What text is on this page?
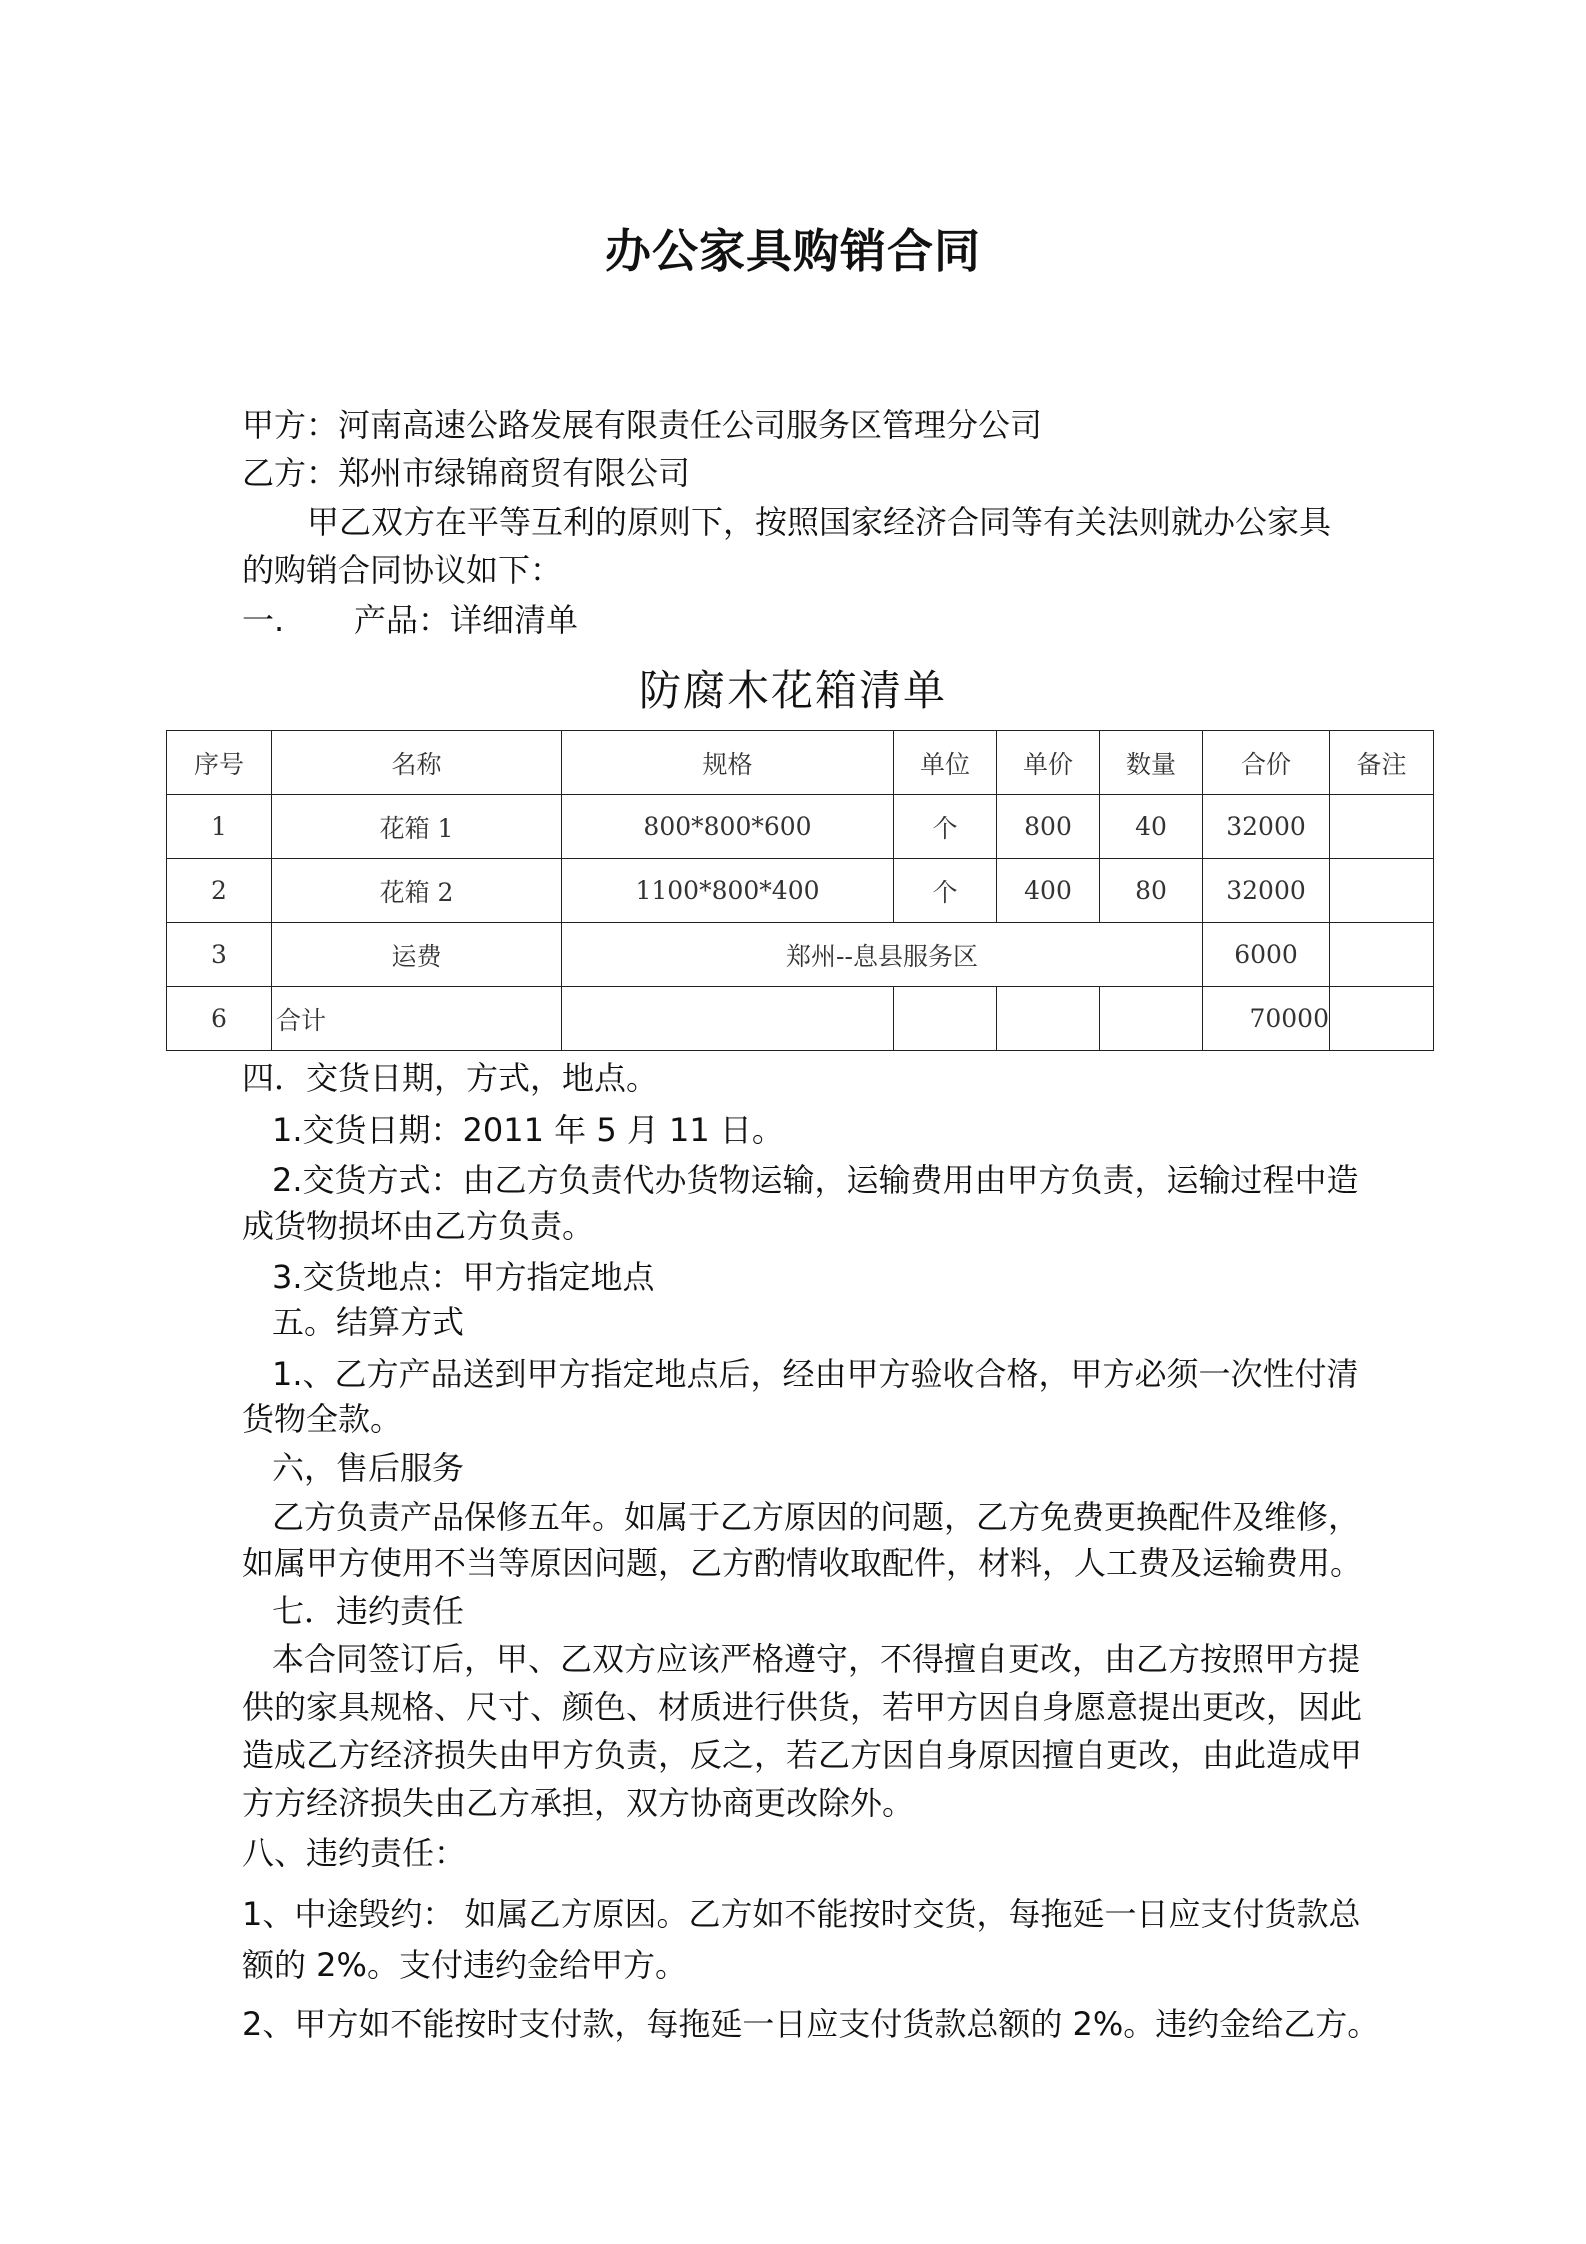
办公家具购销合同
甲方：河南高速公路发展有限责任公司服务区管理分公司
乙方：郑州市绿锦商贸有限公司
甲乙双方在平等互利的原则下，按照国家经济合同等有关法则就办公家具
的购销合同协议如下：
一. 产品：详细清单
防腐木花箱清单
序号	名称	规格	单位	单价	数量	合价	备注
1	花箱 1	800*800*600	个	800	40	32000	
2	花箱 2	1100*800*400	个	400	80	32000	
3	运费	郑州--息县服务区				6000	
6	合计					70000	
四．交货日期，方式，地点。
1.交货日期：2011 年 5 月 11 日。
2.交货方式：由乙方负责代办货物运输，运输费用由甲方负责，运输过程中造
成货物损坏由乙方负责。
3.交货地点：甲方指定地点
五。结算方式
1.、乙方产品送到甲方指定地点后，经由甲方验收合格，甲方必须一次性付清
货物全款。
六，售后服务
乙方负责产品保修五年。如属于乙方原因的问题，乙方免费更换配件及维修，
如属甲方使用不当等原因问题，乙方酌情收取配件，材料，人工费及运输费用。
七．违约责任
本合同签订后，甲、乙双方应该严格遵守，不得擅自更改，由乙方按照甲方提
供的家具规格、尺寸、颜色、材质进行供货，若甲方因自身愿意提出更改，因此
造成乙方经济损失由甲方负责，反之，若乙方因自身原因擅自更改，由此造成甲
方方经济损失由乙方承担，双方协商更改除外。
八、违约责任：
1、中途毁约： 如属乙方原因。乙方如不能按时交货，每拖延一日应支付货款总
额的 2%。支付违约金给甲方。
2、甲方如不能按时支付款，每拖延一日应支付货款总额的 2%。违约金给乙方。
